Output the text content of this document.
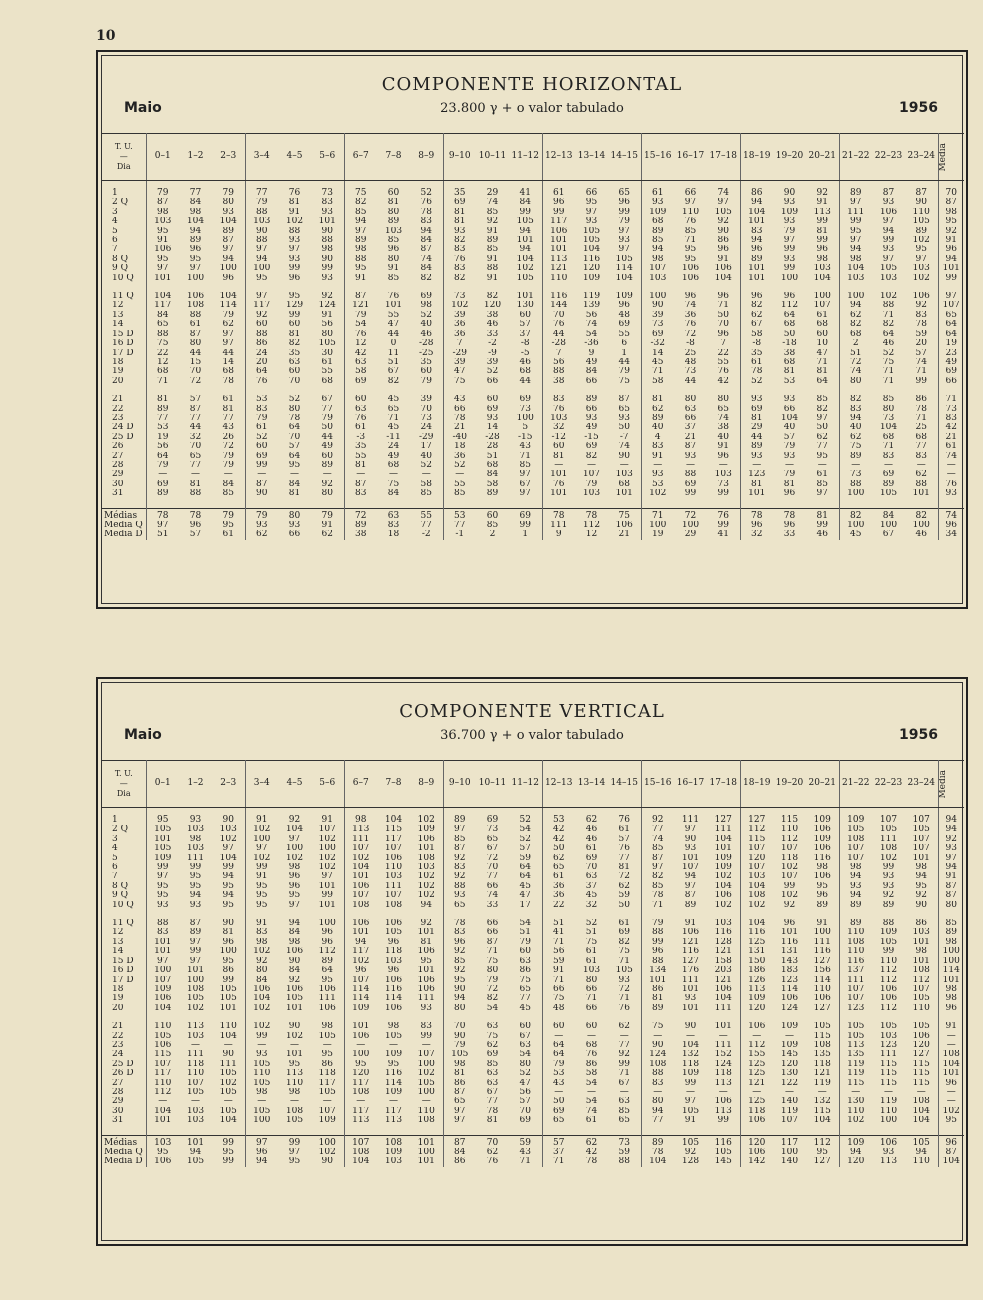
10
COMPONENTE HORIZONTAL
Maio	23.800 γ + o valor tabulado	1956
T. U.
—
Dia	0–1	1–2	2–3	3–4	4–5	5–6	6–7	7–8	8–9	9–10	10–11	11–12	12–13	13–14	14–15	15–16	16–17	17–18	18–19	19–20	20–21	21–22	22–23	23–24	Média

1	79	77	79	77	76	73	75	60	52	35	29	41	61	66	65	61	66	74	86	90	92	89	87	87	70
2 Q	87	84	80	79	81	83	82	81	76	69	74	84	96	95	96	93	97	97	94	93	91	97	93	90	87
3	98	98	93	88	91	93	85	80	78	81	85	99	99	97	99	109	110	105	104	109	113	111	106	110	98
4	103	104	104	103	102	101	94	89	83	81	92	105	117	93	79	68	76	92	101	93	99	99	97	105	95
5	95	94	89	90	88	90	97	103	94	93	91	94	106	105	97	89	85	90	83	79	81	95	94	89	92
6	91	89	87	88	93	88	89	85	84	82	89	101	101	105	93	85	71	86	94	97	99	97	99	102	91
7	106	96	97	97	97	98	98	96	87	83	85	94	101	104	97	94	95	96	96	99	96	94	93	95	96
8 Q	95	95	94	94	93	90	88	80	74	76	91	104	113	116	105	98	95	91	89	93	98	98	97	97	94
9 Q	97	97	100	100	99	99	95	91	84	83	88	102	121	120	114	107	106	106	101	99	103	104	105	103	101
10 Q	101	100	96	95	96	93	91	85	82	82	91	105	110	109	104	103	106	104	101	100	104	103	103	102	99

11 Q	104	106	104	97	95	92	87	76	69	73	82	101	116	119	109	100	96	96	96	96	100	100	102	106	97
12	117	108	114	117	129	124	121	101	98	102	120	130	144	139	96	90	74	71	82	112	107	94	88	92	107
13	84	88	79	92	99	91	79	55	52	39	38	60	70	56	48	39	36	50	62	64	61	62	71	83	65
14	65	61	62	60	60	56	54	47	40	36	46	57	76	74	69	73	76	70	67	68	68	82	82	78	64
15 D	88	87	97	88	81	80	76	44	46	36	33	37	44	54	55	69	72	96	58	50	60	68	64	59	64
16 D	75	80	97	86	82	105	12	0	-28	7	-2	-8	-28	-36	6	-32	-8	7	-8	-18	10	2	46	20	19
17 D	22	44	44	24	35	30	42	11	-25	-29	-9	-5	7	9	1	14	25	22	35	38	47	51	52	57	23
18	12	15	14	20	63	61	63	51	35	39	39	46	56	49	44	45	48	55	61	68	71	72	75	74	49
19	68	70	68	64	60	55	58	67	60	47	52	68	88	84	79	71	73	76	78	81	81	74	71	71	69
20	71	72	78	76	70	68	69	82	79	75	66	44	38	66	75	58	44	42	52	53	64	80	71	99	66

21	81	57	61	53	52	67	60	45	39	43	60	69	83	89	87	81	80	80	93	93	85	82	85	86	71
22	89	87	81	83	80	77	63	65	70	66	69	73	76	66	65	62	63	65	69	66	82	83	80	78	73
23	77	77	77	79	78	79	76	71	73	78	93	100	103	93	93	89	66	74	81	104	97	94	73	71	83
24 D	53	44	43	61	64	50	61	45	24	21	14	5	32	49	50	40	37	38	29	40	50	40	104	25	42
25 D	19	32	26	52	70	44	-3	-11	-29	-40	-28	-15	-12	-15	-7	4	21	40	44	57	62	62	68	68	21
26	56	70	72	60	57	49	35	24	17	18	28	43	60	69	74	83	87	91	89	79	77	75	71	77	61
27	64	65	79	69	64	60	55	49	40	36	51	71	81	82	90	91	93	96	93	93	95	89	83	83	74
28	79	77	79	99	95	89	81	68	52	52	68	85	—	—	—	—	—	—	—	—	—	—	—	—	—
29	—	—	—	—	—	—	—	—	—	—	84	97	101	107	103	93	88	103	123	79	61	73	69	62	—
30	69	81	84	87	84	92	87	75	58	55	58	67	76	79	68	53	69	73	81	81	85	88	89	88	76
31	89	88	85	90	81	80	83	84	85	85	89	97	101	103	101	102	99	99	101	96	97	100	105	101	93

Médias	78	78	79	79	80	79	72	63	55	53	60	69	78	78	75	71	72	76	78	78	81	82	84	82	74
Média Q	97	96	95	93	93	91	89	83	77	77	85	99	111	112	106	100	100	99	96	96	99	100	100	100	96
Média D	51	57	61	62	66	62	38	18	-2	-1	2	1	9	12	21	19	29	41	32	33	46	45	67	46	34
COMPONENTE VERTICAL
Maio	36.700 γ + o valor tabulado	1956
T. U.
—
Dia	0–1	1–2	2–3	3–4	4–5	5–6	6–7	7–8	8–9	9–10	10–11	11–12	12–13	13–14	14–15	15–16	16–17	17–18	18–19	19–20	20–21	21–22	22–23	23–24	Média

1	95	93	90	91	92	91	98	104	102	89	69	52	53	62	76	92	111	127	127	115	109	109	107	107	94
2 Q	105	103	103	102	104	107	113	115	109	97	73	54	42	46	61	77	97	111	112	110	106	105	105	105	94
3	101	98	102	100	97	102	111	117	106	85	65	52	42	46	57	74	90	104	115	112	109	108	111	107	92
4	105	103	97	97	100	100	107	107	101	87	67	57	50	61	76	85	93	101	107	107	106	107	108	107	93
5	109	111	104	102	102	102	102	106	108	92	72	59	62	69	77	87	101	109	120	118	116	107	102	101	97
6	99	99	99	99	98	102	104	110	103	83	70	64	65	70	81	97	107	109	107	102	98	98	99	98	94
7	97	95	94	91	96	97	101	103	102	92	77	64	61	63	72	82	94	102	103	107	106	94	93	94	91
8 Q	95	95	95	95	96	101	106	111	102	88	66	45	36	37	62	85	97	104	104	99	95	93	93	95	87
9 Q	95	94	94	95	95	99	107	107	102	93	74	47	36	45	59	78	87	106	108	102	96	94	92	92	87
10 Q	93	93	95	95	97	101	108	108	94	65	33	17	22	32	50	71	89	102	102	92	89	89	89	90	80

11 Q	88	87	90	91	94	100	106	106	92	78	66	54	51	52	61	79	91	103	104	96	91	89	88	86	85
12	83	89	81	83	84	96	101	105	101	83	66	51	41	51	69	88	106	116	116	101	100	110	109	103	89
13	101	97	96	98	98	96	94	96	81	96	87	79	71	75	82	99	121	128	125	116	111	108	105	101	98
14	101	99	100	102	106	112	117	118	106	92	71	60	56	61	75	96	116	121	131	131	116	110	99	98	100
15 D	97	97	95	92	90	89	102	103	95	85	75	63	59	61	71	88	127	158	150	143	127	116	110	101	100
16 D	100	101	86	80	84	64	96	96	101	92	80	86	91	103	105	134	176	203	186	183	156	137	112	108	114
17 D	107	100	99	84	92	95	107	106	106	95	79	75	71	80	93	101	111	121	126	123	114	111	112	112	101
18	109	108	105	106	106	106	114	116	106	90	72	65	66	66	72	86	101	106	113	114	110	107	106	107	98
19	106	105	105	104	105	111	114	114	111	94	82	77	75	71	71	81	93	104	109	106	106	107	106	105	98
20	104	102	101	102	101	106	109	106	93	80	54	45	48	66	76	89	101	111	120	124	127	123	112	110	96

21	110	113	110	102	90	98	101	98	83	70	63	60	60	60	62	75	90	101	106	109	105	105	105	105	91
22	105	103	104	99	102	105	106	105	99	90	75	67	—	—	—	—	—	—	—	—	115	105	103	106	—
23	106	—	—	—	—	—	—	—	—	79	62	63	64	68	77	90	104	111	112	109	108	113	123	120	—
24	115	111	90	93	101	95	100	109	107	105	69	54	64	76	92	124	132	152	155	145	135	135	111	127	108
25 D	107	118	111	105	95	86	95	95	100	98	85	80	79	86	99	108	118	124	125	120	118	119	115	115	104
26 D	117	110	105	110	113	118	120	116	102	81	63	52	53	58	71	88	109	118	125	130	121	119	115	115	101
27	110	107	102	105	110	117	117	114	105	86	63	47	43	54	67	83	99	113	121	122	119	115	115	115	96
28	112	105	105	98	98	105	108	109	100	87	67	56	—	—	—	—	—	—	—	—	—	—	—	—	—
29	—	—	—	—	—	—	—	—	—	65	77	57	50	54	63	80	97	106	125	140	132	130	119	108	—
30	104	103	105	105	108	107	117	117	110	97	78	70	69	74	85	94	105	113	118	119	115	110	110	104	102
31	101	103	104	100	105	109	113	113	108	97	81	69	65	61	65	77	91	99	106	107	104	102	100	104	95

Médias	103	101	99	97	99	100	107	108	101	87	70	59	57	62	73	89	105	116	120	117	112	109	106	105	96
Média Q	95	94	95	96	97	102	108	109	100	84	62	43	37	42	59	78	92	105	106	100	95	94	93	94	87
Média D	106	105	99	94	95	90	104	103	101	86	76	71	71	78	88	104	128	145	142	140	127	120	113	110	104
